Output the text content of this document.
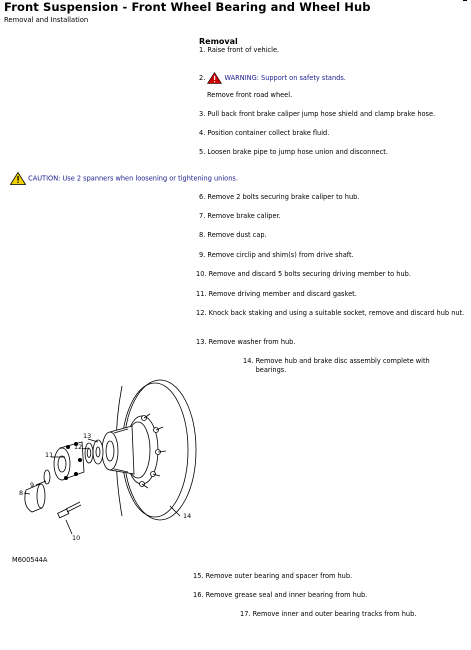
Front Suspension - Front Wheel Bearing and Wheel Hub
Removal and Installation
Removal
1. Raise front of vehicle.
2.	WARNING: Support on safety stands.
Remove front road wheel.
3. Pull back front brake caliper jump hose shield and clamp brake hose.
4. Position container collect brake fluid.
5. Loosen brake pipe to jump hose union and disconnect.
CAUTION: Use 2 spanners when loosening or tightening unions.
6. Remove 2 bolts securing brake caliper to hub.
7. Remove brake caliper.
8. Remove dust cap.
9. Remove circlip and shim(s) from drive shaft.
10. Remove and discard 5 bolts securing driving member to hub.
11. Remove driving member and discard gasket.
12. Knock back staking and using a suitable socket, remove and discard hub nut.
13. Remove washer from hub.
14. Remove hub and brake disc assembly complete with bearings.
13
12
11
9
8
10
14
M600544A
15. Remove outer bearing and spacer from hub.
16. Remove grease seal and inner bearing from hub.
17. Remove inner and outer bearing tracks from hub.
